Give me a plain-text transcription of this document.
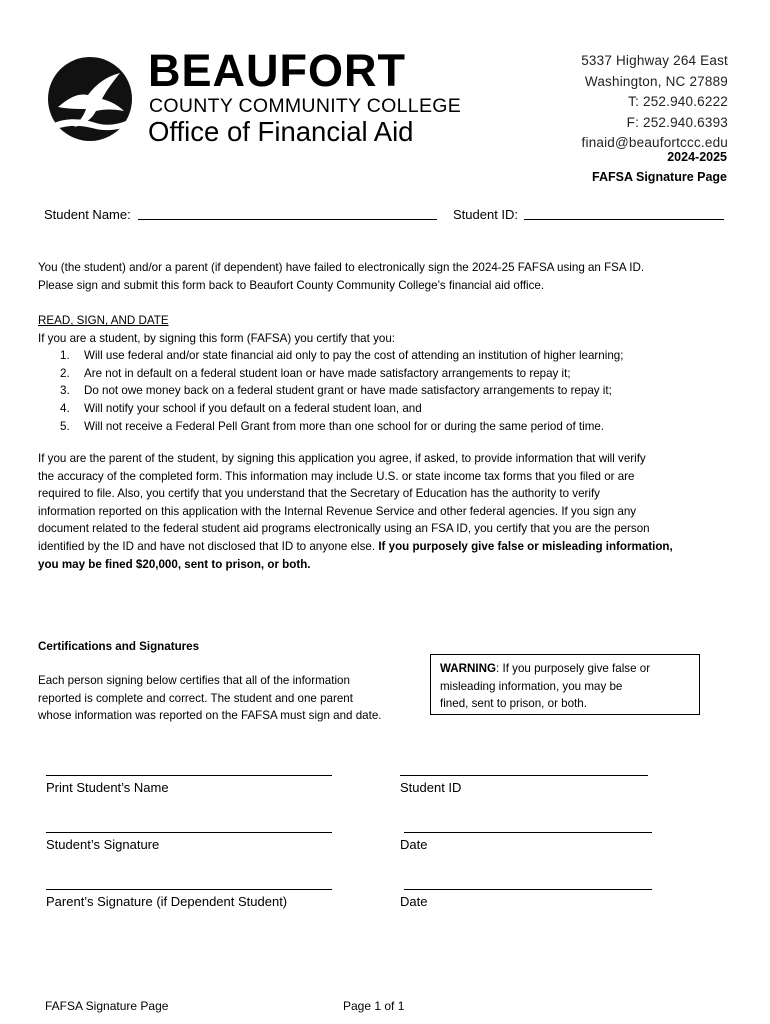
BEAUFORT
COUNTY COMMUNITY COLLEGE
Office of Financial Aid
5337 Highway 264 East
Washington, NC 27889
T: 252.940.6222
F: 252.940.6393
finaid@beaufortccc.edu
2024-2025
FAFSA Signature Page
Student Name:	Student ID:
You (the student) and/or a parent (if dependent) have failed to electronically sign the 2024-25 FAFSA using an FSA ID.
Please sign and submit this form back to Beaufort County Community College’s financial aid office.
READ, SIGN, AND DATE
If you are a student, by signing this form (FAFSA) you certify that you:
1. Will use federal and/or state financial aid only to pay the cost of attending an institution of higher learning;
2. Are not in default on a federal student loan or have made satisfactory arrangements to repay it;
3. Do not owe money back on a federal student grant or have made satisfactory arrangements to repay it;
4. Will notify your school if you default on a federal student loan, and
5. Will not receive a Federal Pell Grant from more than one school for or during the same period of time.
If you are the parent of the student, by signing this application you agree, if asked, to provide information that will verify
the accuracy of the completed form. This information may include U.S. or state income tax forms that you filed or are
required to file. Also, you certify that you understand that the Secretary of Education has the authority to verify
information reported on this application with the Internal Revenue Service and other federal agencies. If you sign any
document related to the federal student aid programs electronically using an FSA ID, you certify that you are the person
identified by the ID and have not disclosed that ID to anyone else. If you purposely give false or misleading information,
you may be fined $20,000, sent to prison, or both.
Certifications and Signatures
Each person signing below certifies that all of the information
reported is complete and correct. The student and one parent
whose information was reported on the FAFSA must sign and date.
WARNING: If you purposely give false or
misleading information, you may be
fined, sent to prison, or both.
Print Student’s Name	Student ID
Student’s Signature	Date
Parent’s Signature (if Dependent Student)	Date
FAFSA Signature Page	Page 1 of 1
